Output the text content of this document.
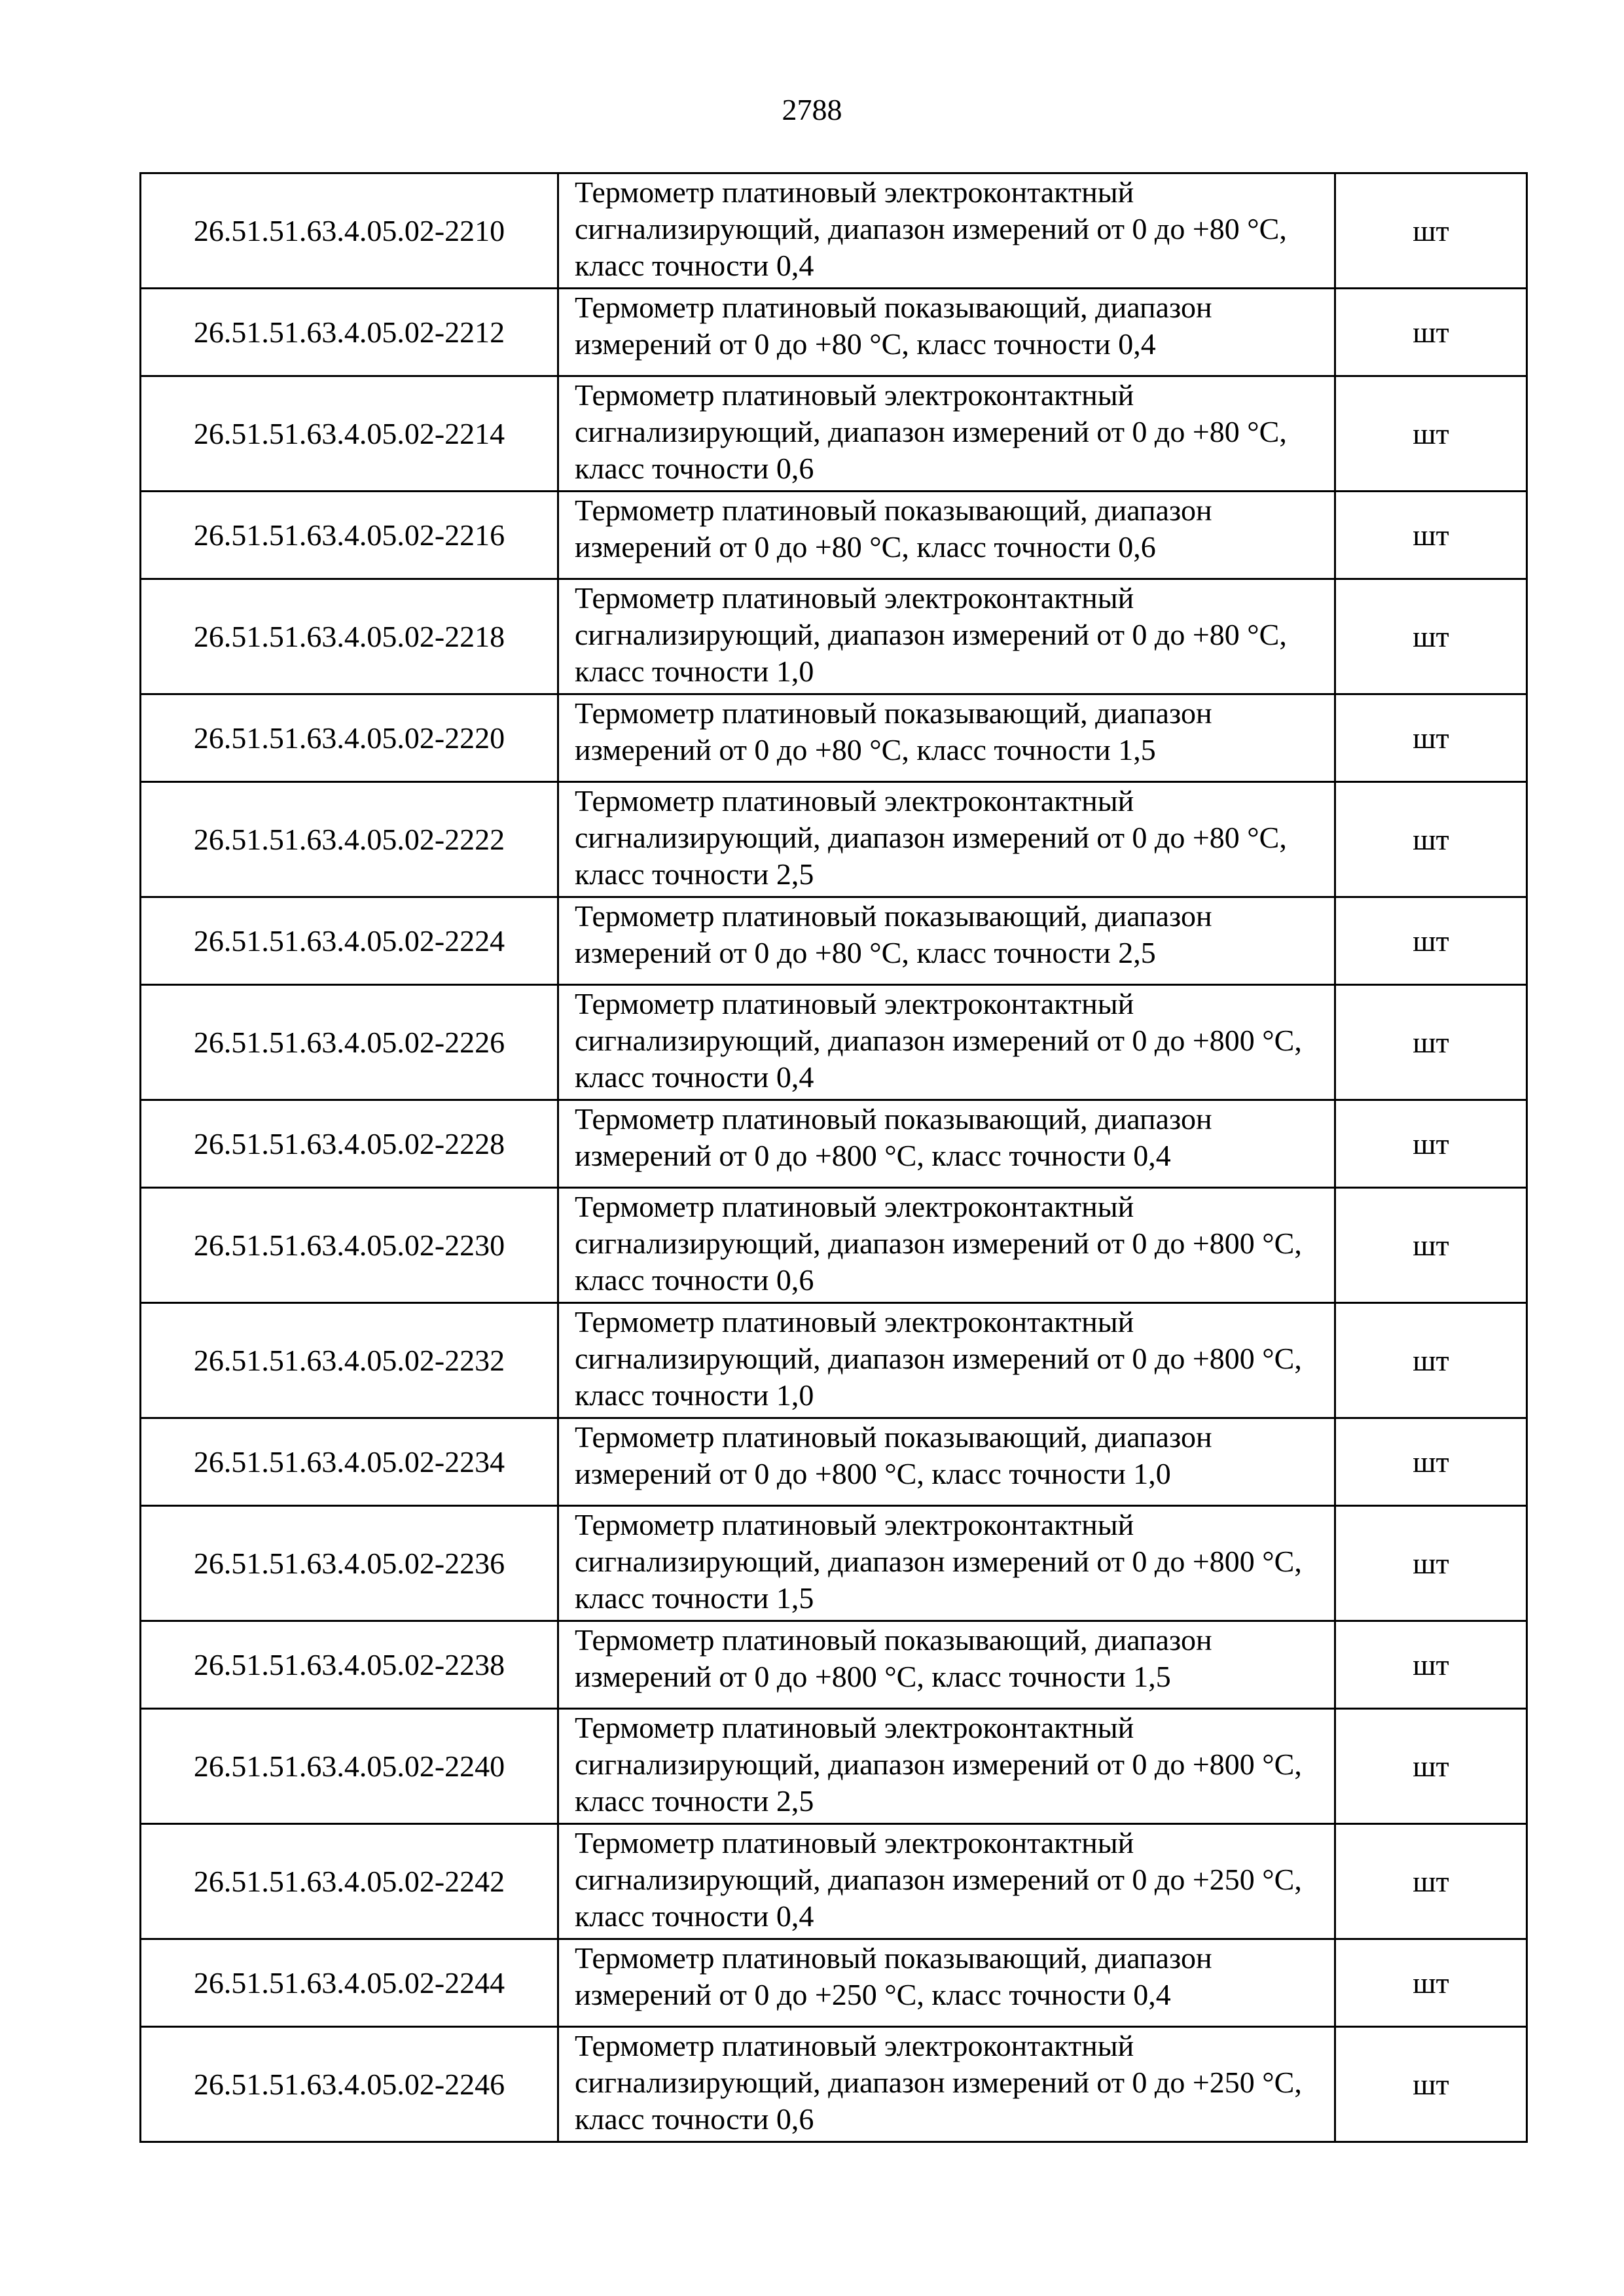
2788
26.51.51.63.4.05.02-2210	Термометр платиновый электроконтактный сигнализирующий, диапазон измерений от 0 до +80 °С, класс точности 0,4	шт
26.51.51.63.4.05.02-2212	Термометр платиновый показывающий, диапазон измерений от 0 до +80 °С, класс точности 0,4	шт
26.51.51.63.4.05.02-2214	Термометр платиновый электроконтактный сигнализирующий, диапазон измерений от 0 до +80 °С, класс точности 0,6	шт
26.51.51.63.4.05.02-2216	Термометр платиновый показывающий, диапазон измерений от 0 до +80 °С, класс точности 0,6	шт
26.51.51.63.4.05.02-2218	Термометр платиновый электроконтактный сигнализирующий, диапазон измерений от 0 до +80 °С, класс точности 1,0	шт
26.51.51.63.4.05.02-2220	Термометр платиновый показывающий, диапазон измерений от 0 до +80 °С, класс точности 1,5	шт
26.51.51.63.4.05.02-2222	Термометр платиновый электроконтактный сигнализирующий, диапазон измерений от 0 до +80 °С, класс точности 2,5	шт
26.51.51.63.4.05.02-2224	Термометр платиновый показывающий, диапазон измерений от 0 до +80 °С, класс точности 2,5	шт
26.51.51.63.4.05.02-2226	Термометр платиновый электроконтактный сигнализирующий, диапазон измерений от 0 до +800 °С, класс точности 0,4	шт
26.51.51.63.4.05.02-2228	Термометр платиновый показывающий, диапазон измерений от 0 до +800 °С, класс точности 0,4	шт
26.51.51.63.4.05.02-2230	Термометр платиновый электроконтактный сигнализирующий, диапазон измерений от 0 до +800 °С, класс точности 0,6	шт
26.51.51.63.4.05.02-2232	Термометр платиновый электроконтактный сигнализирующий, диапазон измерений от 0 до +800 °С, класс точности 1,0	шт
26.51.51.63.4.05.02-2234	Термометр платиновый показывающий, диапазон измерений от 0 до +800 °С, класс точности 1,0	шт
26.51.51.63.4.05.02-2236	Термометр платиновый электроконтактный сигнализирующий, диапазон измерений от 0 до +800 °С, класс точности 1,5	шт
26.51.51.63.4.05.02-2238	Термометр платиновый показывающий, диапазон измерений от 0 до +800 °С, класс точности 1,5	шт
26.51.51.63.4.05.02-2240	Термометр платиновый электроконтактный сигнализирующий, диапазон измерений от 0 до +800 °С, класс точности 2,5	шт
26.51.51.63.4.05.02-2242	Термометр платиновый электроконтактный сигнализирующий, диапазон измерений от 0 до +250 °С, класс точности 0,4	шт
26.51.51.63.4.05.02-2244	Термометр платиновый показывающий, диапазон измерений от 0 до +250 °С, класс точности 0,4	шт
26.51.51.63.4.05.02-2246	Термометр платиновый электроконтактный сигнализирующий, диапазон измерений от 0 до +250 °С, класс точности 0,6	шт
